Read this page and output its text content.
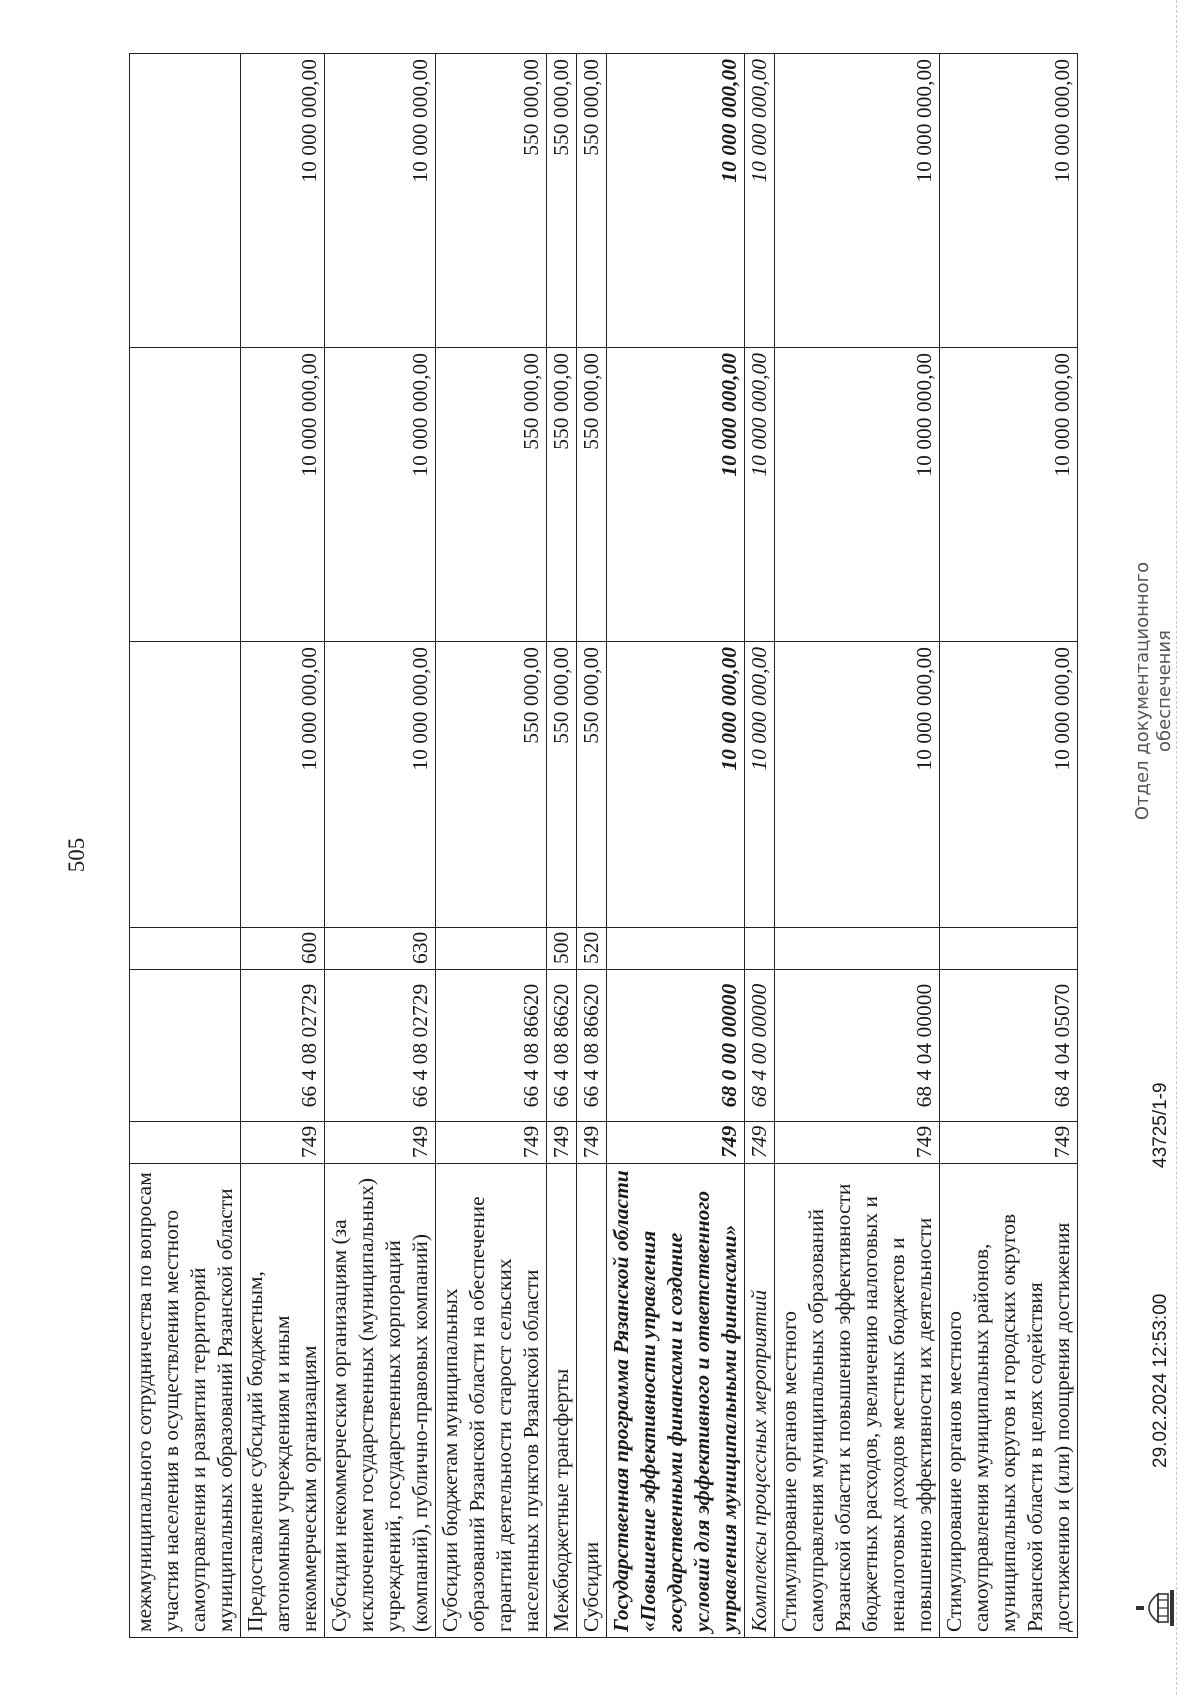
505
межмуниципального сотрудничества по вопросам участия населения в осуществлении местного самоуправления и развитии территорий муниципальных образований Рязанской области						
Предоставление субсидий бюджетным, автономным учреждениям и иным некоммерческим организациям	749	66 4 08 02729	600	10 000 000,00	10 000 000,00	10 000 000,00
Субсидии некоммерческим организациям (за исключением государственных (муниципальных) учреждений, государственных корпораций (компаний), публично-правовых компаний)	749	66 4 08 02729	630	10 000 000,00	10 000 000,00	10 000 000,00
Субсидии бюджетам муниципальных образований Рязанской области на обеспечение гарантий деятельности старост сельских населенных пунктов Рязанской области	749	66 4 08 86620		550 000,00	550 000,00	550 000,00
Межбюджетные трансферты	749	66 4 08 86620	500	550 000,00	550 000,00	550 000,00
Субсидии	749	66 4 08 86620	520	550 000,00	550 000,00	550 000,00
Государственная программа Рязанской области «Повышение эффективности управления государственными финансами и создание условий для эффективного и ответственного управления муниципальными финансами»	749	68 0 00 00000		10 000 000,00	10 000 000,00	10 000 000,00
Комплексы процессных мероприятий	749	68 4 00 00000		10 000 000,00	10 000 000,00	10 000 000,00
Стимулирование органов местного самоуправления муниципальных образований Рязанской области к повышению эффективности бюджетных расходов, увеличению налоговых и неналоговых доходов местных бюджетов и повышению эффективности их деятельности	749	68 4 04 00000		10 000 000,00	10 000 000,00	10 000 000,00
Стимулирование органов местного самоуправления муниципальных районов, муниципальных округов и городских округов Рязанской области в целях содействия достижению и (или) поощрения достижения	749	68 4 04 05070		10 000 000,00	10 000 000,00	10 000 000,00
29.02.2024 12:53:00
43725/1-9
Отдел документационного обеспечения
